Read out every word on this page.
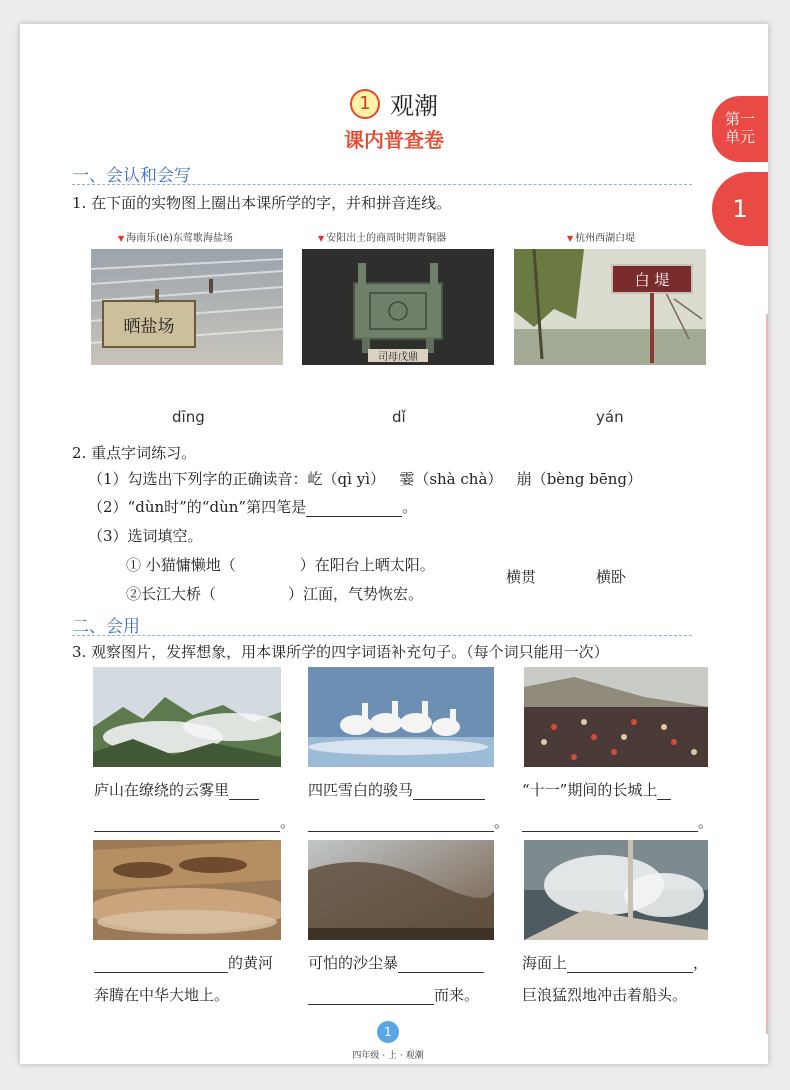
1 观潮
课内普查卷
第一
单元
1
一、会认和会写
1. 在下面的实物图上圈出本课所学的字，并和拼音连线。
▼ 海南乐(lè)东莺歌海盐场	▼ 安阳出土的商周时期青铜器	▼ 杭州西湖白堤
晒盐场
司母戊鼎
白 堤
dīng	dǐ	yán
2. 重点字词练习。
（1）勾选出下列字的正确读音：屹（qì yì） 霎（shà chà） 崩（bèng bēng）
（2）“dùn时”的“dùn”第四笔是	。
（3）选词填空。
① 小猫慵懒地（	）在阳台上晒太阳。
②长江大桥（	）江面，气势恢宏。
横贯	横卧
二、会用
3. 观察图片，发挥想象，用本课所学的四字词语补充句子。（每个词只能用一次）
庐山在缭绕的云雾里	四匹雪白的骏马	“十一”期间的长城上
。	。	。
的黄河
奔腾在中华大地上。
可怕的沙尘暴
而来。
海面上	，
巨浪猛烈地冲击着船头。
1
四年级 · 上 · 观潮
